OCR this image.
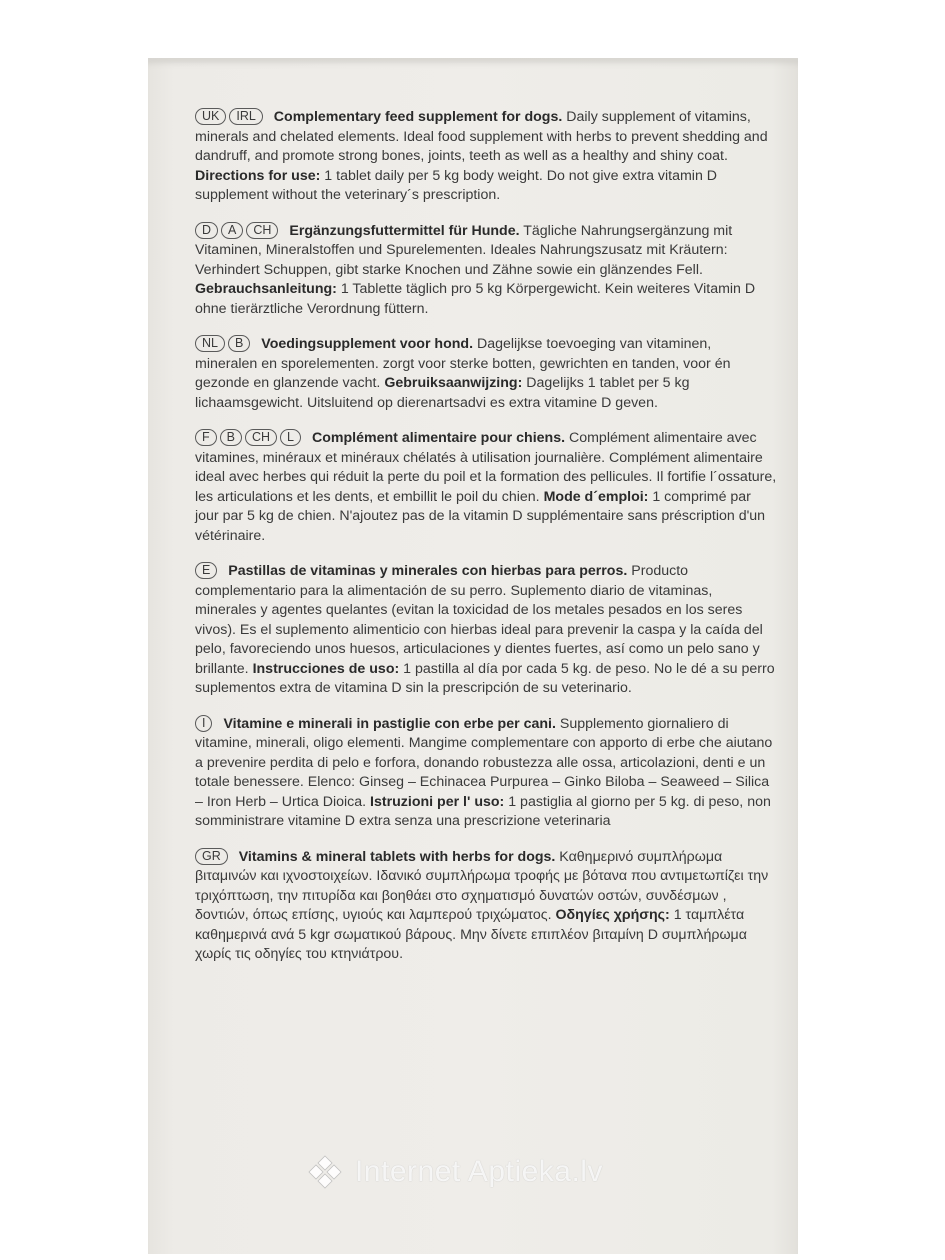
UK IRL Complementary feed supplement for dogs. Daily supplement of vitamins, minerals and chelated elements. Ideal food supplement with herbs to prevent shedding and dandruff, and promote strong bones, joints, teeth as well as a healthy and shiny coat. Directions for use: 1 tablet daily per 5 kg body weight. Do not give extra vitamin D supplement without the veterinary´s prescription.

D A CH Ergänzungsfuttermittel für Hunde. Tägliche Nahrungsergänzung mit Vitaminen, Mineralstoffen und Spurelementen. Ideales Nahrungszusatz mit Kräutern: Verhindert Schuppen, gibt starke Knochen und Zähne sowie ein glänzendes Fell. Gebrauchsanleitung: 1 Tablette täglich pro 5 kg Körpergewicht. Kein weiteres Vitamin D ohne tierärztliche Verordnung füttern.

NL B Voedingsupplement voor hond. Dagelijkse toevoeging van vitaminen, mineralen en sporelementen. zorgt voor sterke botten, gewrichten en tanden, voor én gezonde en glanzende vacht. Gebruiksaanwijzing: Dagelijks 1 tablet per 5 kg lichaamsgewicht. Uitsluitend op dierenartsadvi es extra vitamine D geven.

F B CH L Complément alimentaire pour chiens. Complément alimentaire avec vitamines, minéraux et minéraux chélatés à utilisation journalière. Complément alimentaire ideal avec herbes qui réduit la perte du poil et la formation des pellicules. Il fortifie l´ossature, les articulations et les dents, et embillit le poil du chien. Mode d´emploi: 1 comprimé par jour par 5 kg de chien. N'ajoutez pas de la vitamin D supplémentaire sans préscription d'un vétérinaire.

E Pastillas de vitaminas y minerales con hierbas para perros. Producto complementario para la alimentación de su perro. Suplemento diario de vitaminas, minerales y agentes quelantes (evitan la toxicidad de los metales pesados en los seres vivos). Es el suplemento alimenticio con hierbas ideal para prevenir la caspa y la caída del pelo, favoreciendo unos huesos, articulaciones y dientes fuertes, así como un pelo sano y brillante. Instrucciones de uso: 1 pastilla al día por cada 5 kg. de peso. No le dé a su perro suplementos extra de vitamina D sin la prescripción de su veterinario.

I Vitamine e minerali in pastiglie con erbe per cani. Supplemento giornaliero di vitamine, minerali, oligo elementi. Mangime complementare con apporto di erbe che aiutano a prevenire perdita di pelo e forfora, donando robustezza alle ossa, articolazioni, denti e un totale benessere. Elenco: Ginseg – Echinacea Purpurea – Ginko Biloba – Seaweed – Silica – Iron Herb – Urtica Dioica. Istruzioni per l' uso: 1 pastiglia al giorno per 5 kg. di peso, non somministrare vitamine D extra senza una prescrizione veterinaria

GR Vitamins & mineral tablets with herbs for dogs. Καθημερινό συμπλήρωμα βιταμινών και ιχνοστοιχείων. Ιδανικό συμπλήρωμα τροφής με βότανα που αντιμετωπίζει την τριχόπτωση, την πιτυρίδα και βοηθάει στο σχηματισμό δυνατών οστών, συνδέσμων , δοντιών, όπως επίσης, υγιούς και λαμπερού τριχώματος. Οδηγίες χρήσης: 1 ταμπλέτα καθημερινά ανά 5 kgr σωματικού βάρους. Μην δίνετε επιπλέον βιταμίνη D συμπλήρωμα χωρίς τις οδηγίες του κτηνιάτρου.

Internet Aptieka.lv
